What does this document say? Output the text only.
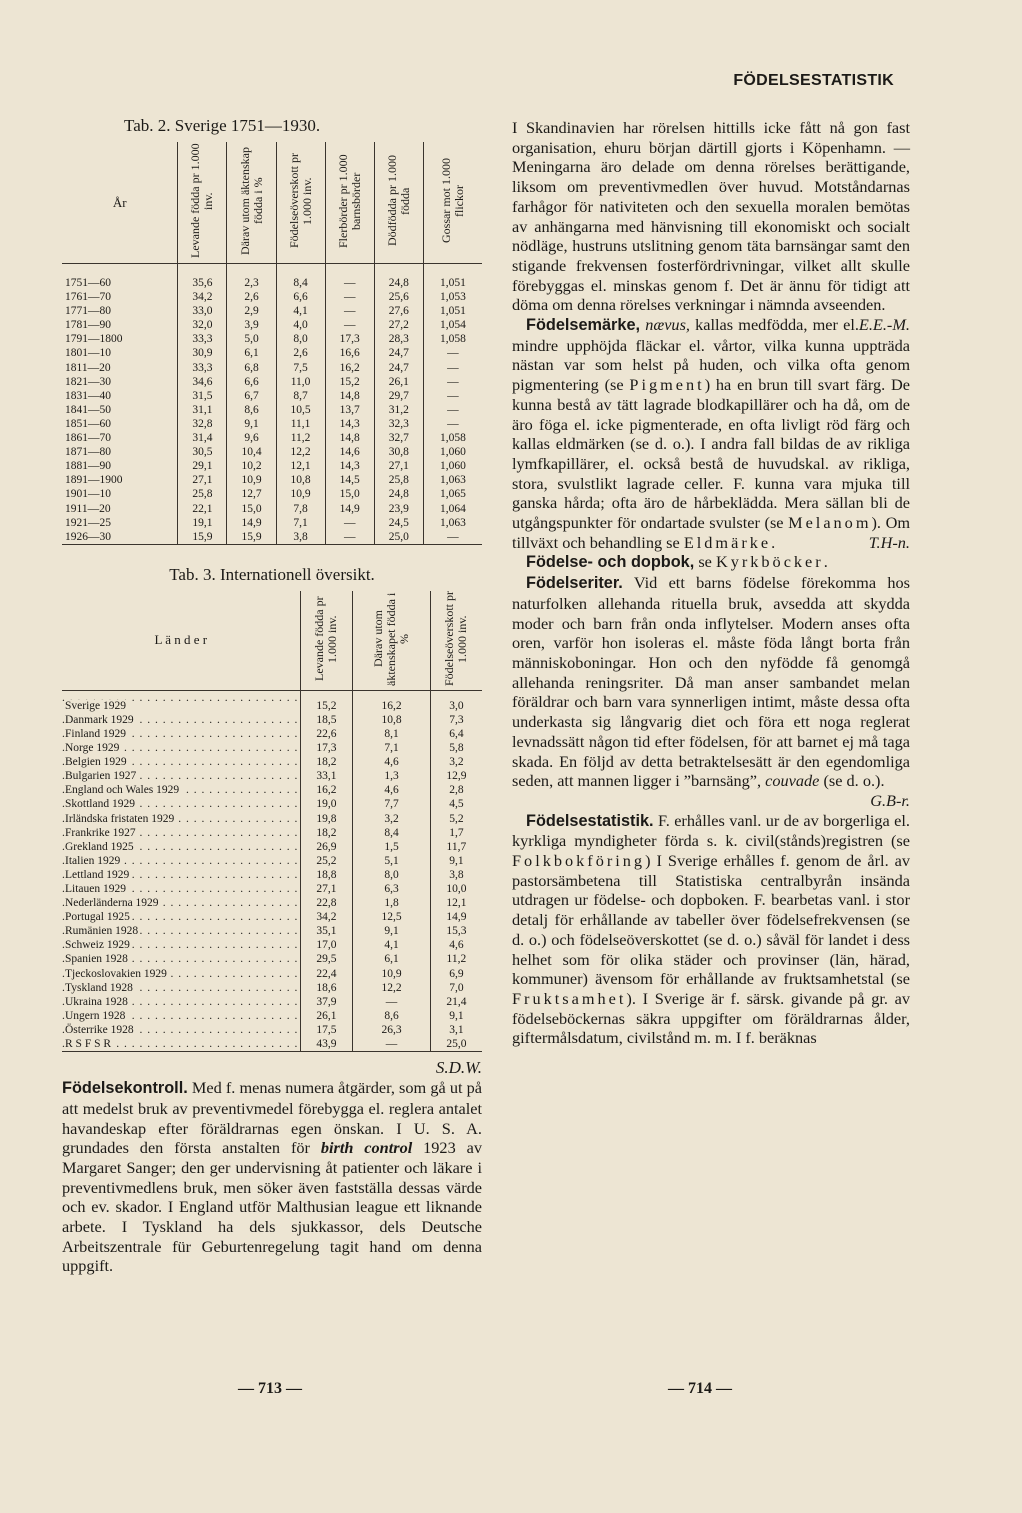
FÖDELSESTATISTIK
Tab. 2. Sverige 1751—1930.
År	Levande födda pr 1.000 inv.	Därav utom äktenskap födda i %	Födelseöverskott pr 1.000 inv.	Flerbörder pr 1.000 barnsbörder	Dödfödda pr 1.000 födda	Gossar mot 1.000 flickor
1751—60	35,6	2,3	8,4	—	24,8	1,051
1761—70	34,2	2,6	6,6	—	25,6	1,053
1771—80	33,0	2,9	4,1	—	27,6	1,051
1781—90	32,0	3,9	4,0	—	27,2	1,054
1791—1800	33,3	5,0	8,0	17,3	28,3	1,058
1801—10	30,9	6,1	2,6	16,6	24,7	—
1811—20	33,3	6,8	7,5	16,2	24,7	—
1821—30	34,6	6,6	11,0	15,2	26,1	—
1831—40	31,5	6,7	8,7	14,8	29,7	—
1841—50	31,1	8,6	10,5	13,7	31,2	—
1851—60	32,8	9,1	11,1	14,3	32,3	—
1861—70	31,4	9,6	11,2	14,8	32,7	1,058
1871—80	30,5	10,4	12,2	14,6	30,8	1,060
1881—90	29,1	10,2	12,1	14,3	27,1	1,060
1891—1900	27,1	10,9	10,8	14,5	25,8	1,063
1901—10	25,8	12,7	10,9	15,0	24,8	1,065
1911—20	22,1	15,0	7,8	14,9	23,9	1,064
1921—25	19,1	14,9	7,1	—	24,5	1,063
1926—30	15,9	15,9	3,8	—	25,0	—

Tab. 3. Internationell översikt.
L ä n d e r	Levande födda pr 1.000 inv.	Därav utom äktenskapet födda i %	Födelseöverskott pr 1.000 inv.
Sverige 1929 . . .	15,2	16,2	3,0
Danmark 1929 . . .	18,5	10,8	7,3
Finland 1929 . . .	22,6	8,1	6,4
Norge 1929 . . .	17,3	7,1	5,8
Belgien 1929 . . .	18,2	4,6	3,2
Bulgarien 1927 . . .	33,1	1,3	12,9
England och Wales 1929 . . .	16,2	4,6	2,8
Skottland 1929 . . .	19,0	7,7	4,5
Irländska fristaten 1929 . . .	19,8	3,2	5,2
Frankrike 1927 . . .	18,2	8,4	1,7
Grekland 1925 . . .	26,9	1,5	11,7
Italien 1929 . . .	25,2	5,1	9,1
Lettland 1929 . . .	18,8	8,0	3,8
Litauen 1929 . . .	27,1	6,3	10,0
Nederländerna 1929 . . .	22,8	1,8	12,1
Portugal 1925 . . .	34,2	12,5	14,9
Rumänien 1928 . . .	35,1	9,1	15,3
Schweiz 1929 . . .	17,0	4,1	4,6
Spanien 1928 . . .	29,5	6,1	11,2
Tjeckoslovakien 1929 . . .	22,4	10,9	6,9
Tyskland 1928 . . .	18,6	12,2	7,0
Ukraina 1928 . . .	37,9	—	21,4
Ungern 1928 . . .	26,1	8,6	9,1
Österrike 1928 . . .	17,5	26,3	3,1
R S F S R . . .	43,9	—	25,0

S.D.W.

Födelsekontroll. Med f. menas numera åtgärder, som gå ut på att medelst bruk av preventivmedel förebygga el. reglera antalet havandeskap efter föräldrarnas egen önskan. I U. S. A. grundades den första anstalten för birth control 1923 av Margaret Sanger; den ger undervisning åt patienter och läkare i preventivmedlens bruk, men söker även fastställa dessas värde och ev. skador. I England utför Malthusian league ett liknande arbete. I Tyskland ha dels sjukkassor, dels Deutsche Arbeitszentrale für Geburtenregelung tagit hand om denna uppgift.

I Skandinavien har rörelsen hittills icke fått nå gon fast organisation, ehuru början därtill gjorts i Köpenhamn. — Meningarna äro delade om denna rörelses berättigande, liksom om preventivmedlen över huvud. Motståndarnas farhågor för nativiteten och den sexuella moralen bemötas av anhängarna med hänvisning till ekonomiskt och socialt nödläge, hustruns utslitning genom täta barnsängar samt den stigande frekvensen fosterfördrivningar, vilket allt skulle förebyggas el. minskas genom f. Det är ännu för tidigt att döma om denna rörelses verkningar i nämnda avseenden.
E.E.-M.

Födelsemärke, nævus, kallas medfödda, mer el. mindre upphöjda fläckar el. vårtor, vilka kunna uppträda nästan var som helst på huden, och vilka ofta genom pigmentering (se Pigment) ha en brun till svart färg. De kunna bestå av tätt lagrade blodkapillärer och ha då, om de äro föga el. icke pigmenterade, en ofta livligt röd färg och kallas eldmärken (se d. o.). I andra fall bildas de av rikliga lymfkapillärer, el. också bestå de huvudskal. av rikliga, stora, svulstlikt lagrade celler. F. kunna vara mjuka till ganska hårda; ofta äro de hårbeklädda. Mera sällan bli de utgångspunkter för ondartade svulster (se Melanom). Om tillväxt och behandling se Eldmärke.	T.H-n.

Födelse- och dopbok, se Kyrkböcker.

Födelseriter. Vid ett barns födelse förekomma hos naturfolken allehanda rituella bruk, avsedda att skydda moder och barn från onda inflytelser. Modern anses ofta oren, varför hon isoleras el. måste föda långt borta från människoboningar. Hon och den nyfödde få genomgå allehanda reningsriter. Då man anser sambandet melan föräldrar och barn vara synnerligen intimt, måste dessa ofta underkasta sig långvarig diet och föra ett noga reglerat levnadssätt någon tid efter födelsen, för att barnet ej må taga skada. En följd av detta betraktelsesätt är den egendomliga seden, att mannen ligger i ”barnsäng”, couvade (se d. o.).
G.B-r.

Födelsestatistik. F. erhålles vanl. ur de av borgerliga el. kyrkliga myndigheter förda s. k. civil(stånds)registren (se Folkbokföring) I Sverige erhålles f. genom de årl. av pastorsämbetena till Statistiska centralbyrån insända utdragen ur födelse- och dopboken. F. bearbetas vanl. i stor detalj för erhållande av tabeller över födelsefrekvensen (se d. o.) och födelseöverskottet (se d. o.) såväl för landet i dess helhet som för olika städer och provinser (län, härad, kommuner) ävensom för erhållande av fruktsamhetstal (se Fruktsamhet). I Sverige är f. särsk. givande på gr. av födelseböckernas säkra uppgifter om föräldrarnas ålder, giftermålsdatum, civilstånd m. m. I f. beräknas

— 713 —	— 714 —
